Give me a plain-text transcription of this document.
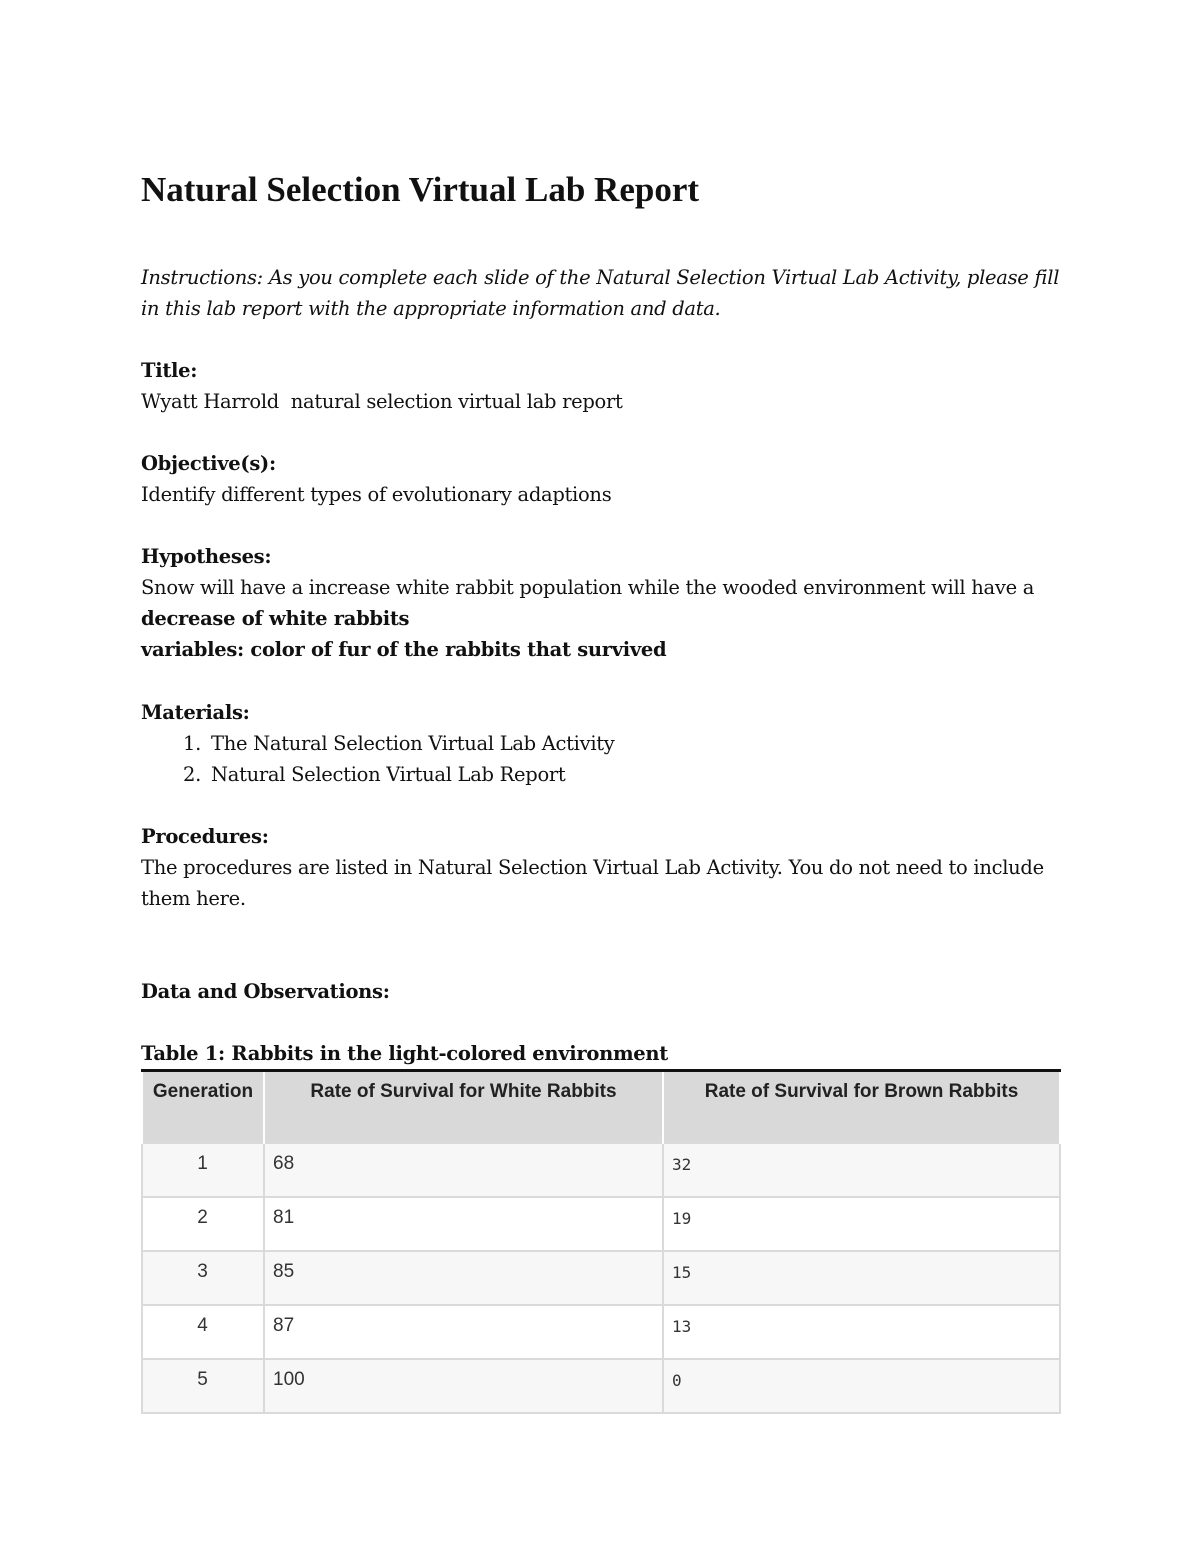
Natural Selection Virtual Lab Report
Instructions: As you complete each slide of the Natural Selection Virtual Lab Activity, please fill in this lab report with the appropriate information and data.
Title:
Wyatt Harrold  natural selection virtual lab report
Objective(s):
Identify different types of evolutionary adaptions
Hypotheses:
Snow will have a increase white rabbit population while the wooded environment will have a
decrease of white rabbits
variables: color of fur of the rabbits that survived
Materials:
1. The Natural Selection Virtual Lab Activity
2. Natural Selection Virtual Lab Report
Procedures:
The procedures are listed in Natural Selection Virtual Lab Activity. You do not need to include them here.
Data and Observations:
Table 1: Rabbits in the light-colored environment
Generation	Rate of Survival for White Rabbits	Rate of Survival for Brown Rabbits
1	68	32
2	81	19
3	85	15
4	87	13
5	100	0
